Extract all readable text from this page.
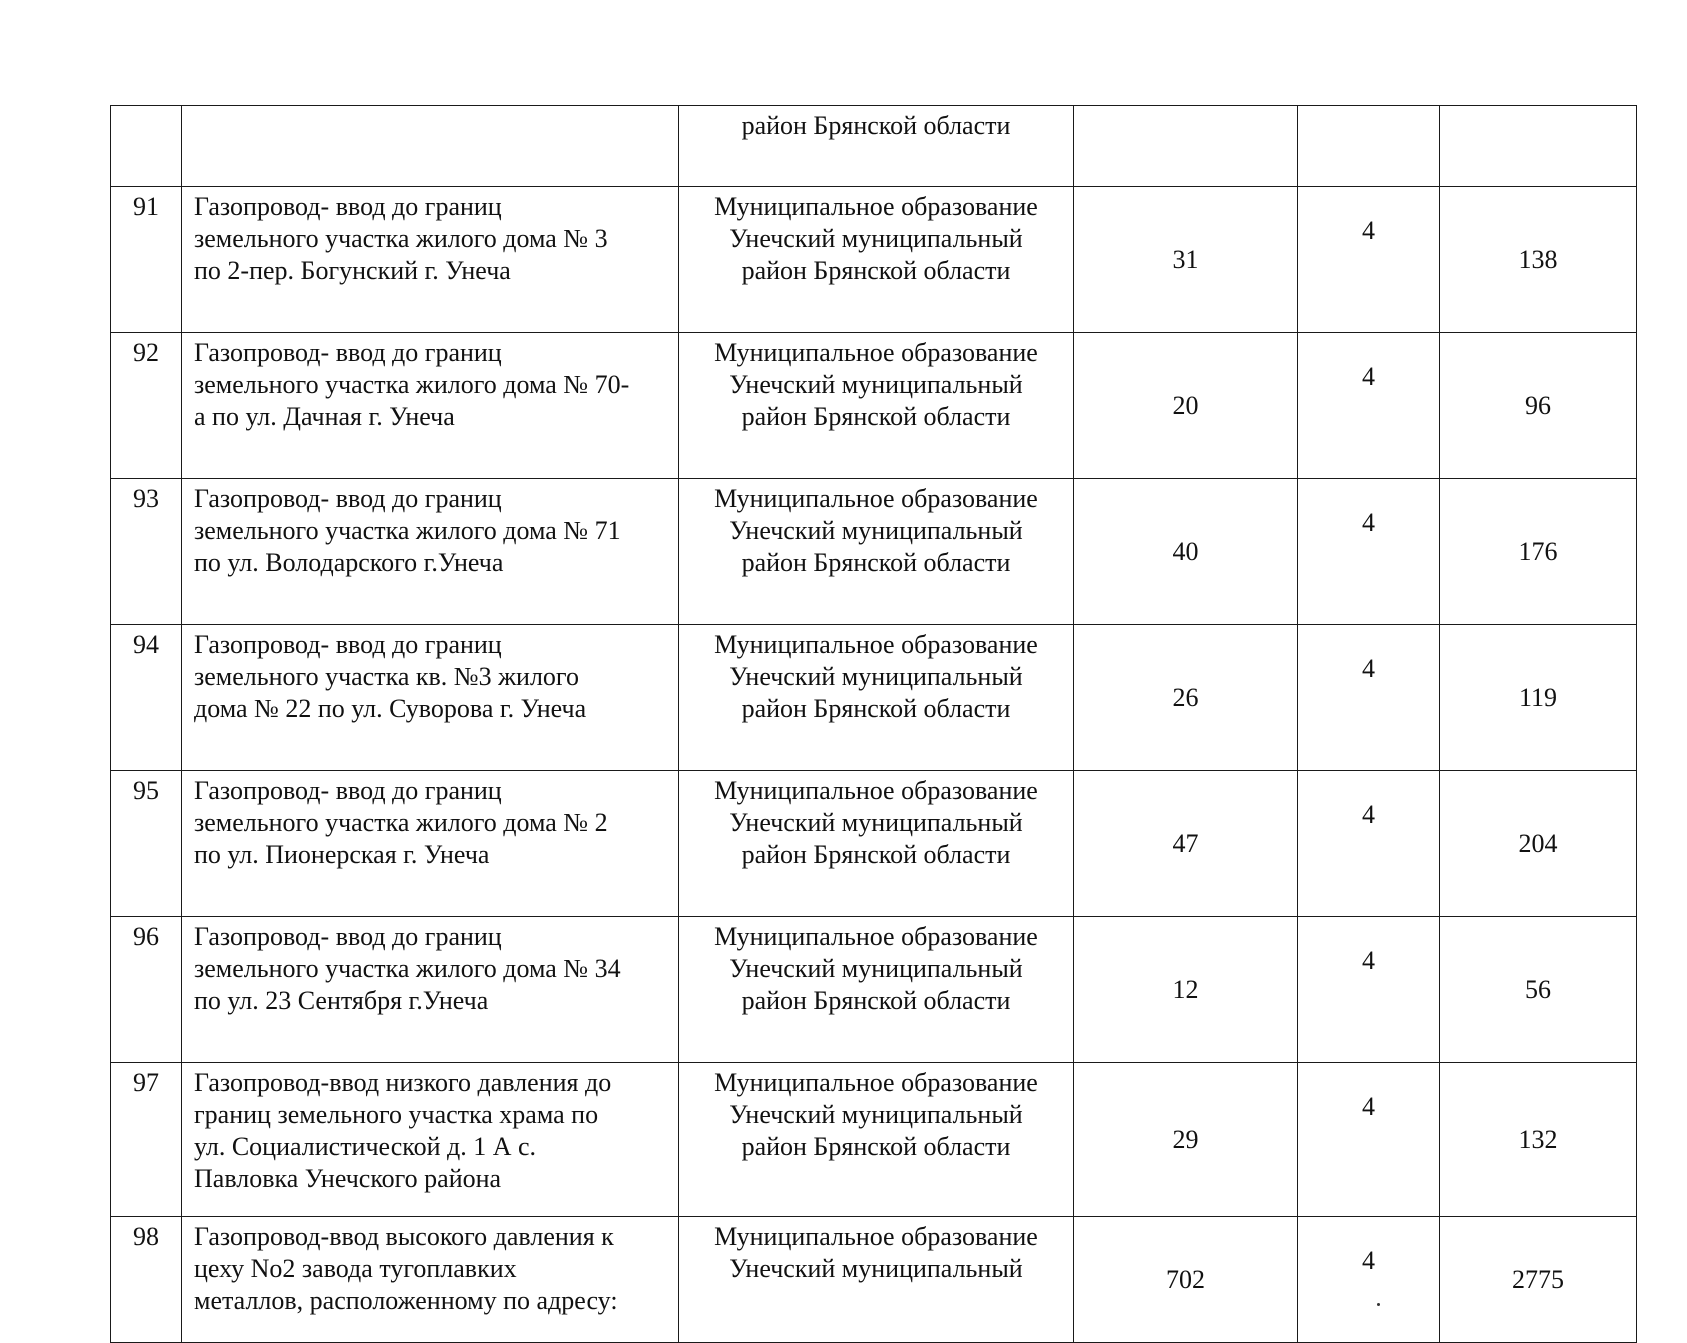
		район Брянской области			

91	Газопровод- ввод до границ
земельного участка жилого дома № 3
по 2-пер. Богунский г. Унеча	Муниципальное образование
Унечский муниципальный
район Брянской области	31	4	138

92	Газопровод- ввод до границ
земельного участка жилого дома № 70-
а по ул. Дачная г. Унеча	Муниципальное образование
Унечский муниципальный
район Брянской области	20	4	96

93	Газопровод- ввод до границ
земельного участка жилого дома № 71
по ул. Володарского г.Унеча	Муниципальное образование
Унечский муниципальный
район Брянской области	40	4	176

94	Газопровод- ввод до границ
земельного участка кв. №3 жилого
дома № 22 по ул. Суворова г. Унеча	Муниципальное образование
Унечский муниципальный
район Брянской области	26	4	119

95	Газопровод- ввод до границ
земельного участка жилого дома № 2
по ул. Пионерская г. Унеча	Муниципальное образование
Унечский муниципальный
район Брянской области	47	4	204

96	Газопровод- ввод до границ
земельного участка жилого дома № 34
по ул. 23 Сентября г.Унеча	Муниципальное образование
Унечский муниципальный
район Брянской области	12	4	56

97	Газопровод-ввод низкого давления до
границ земельного участка храма по
ул. Социалистической д. 1 А с.
Павловка Унечского района	Муниципальное образование
Унечский муниципальный
район Брянской области	29	4	132

98	Газопровод-ввод высокого давления к
цеху No2 завода тугоплавких
металлов, расположенному по адресу:	Муниципальное образование
Унечский муниципальный	702	4	2775
